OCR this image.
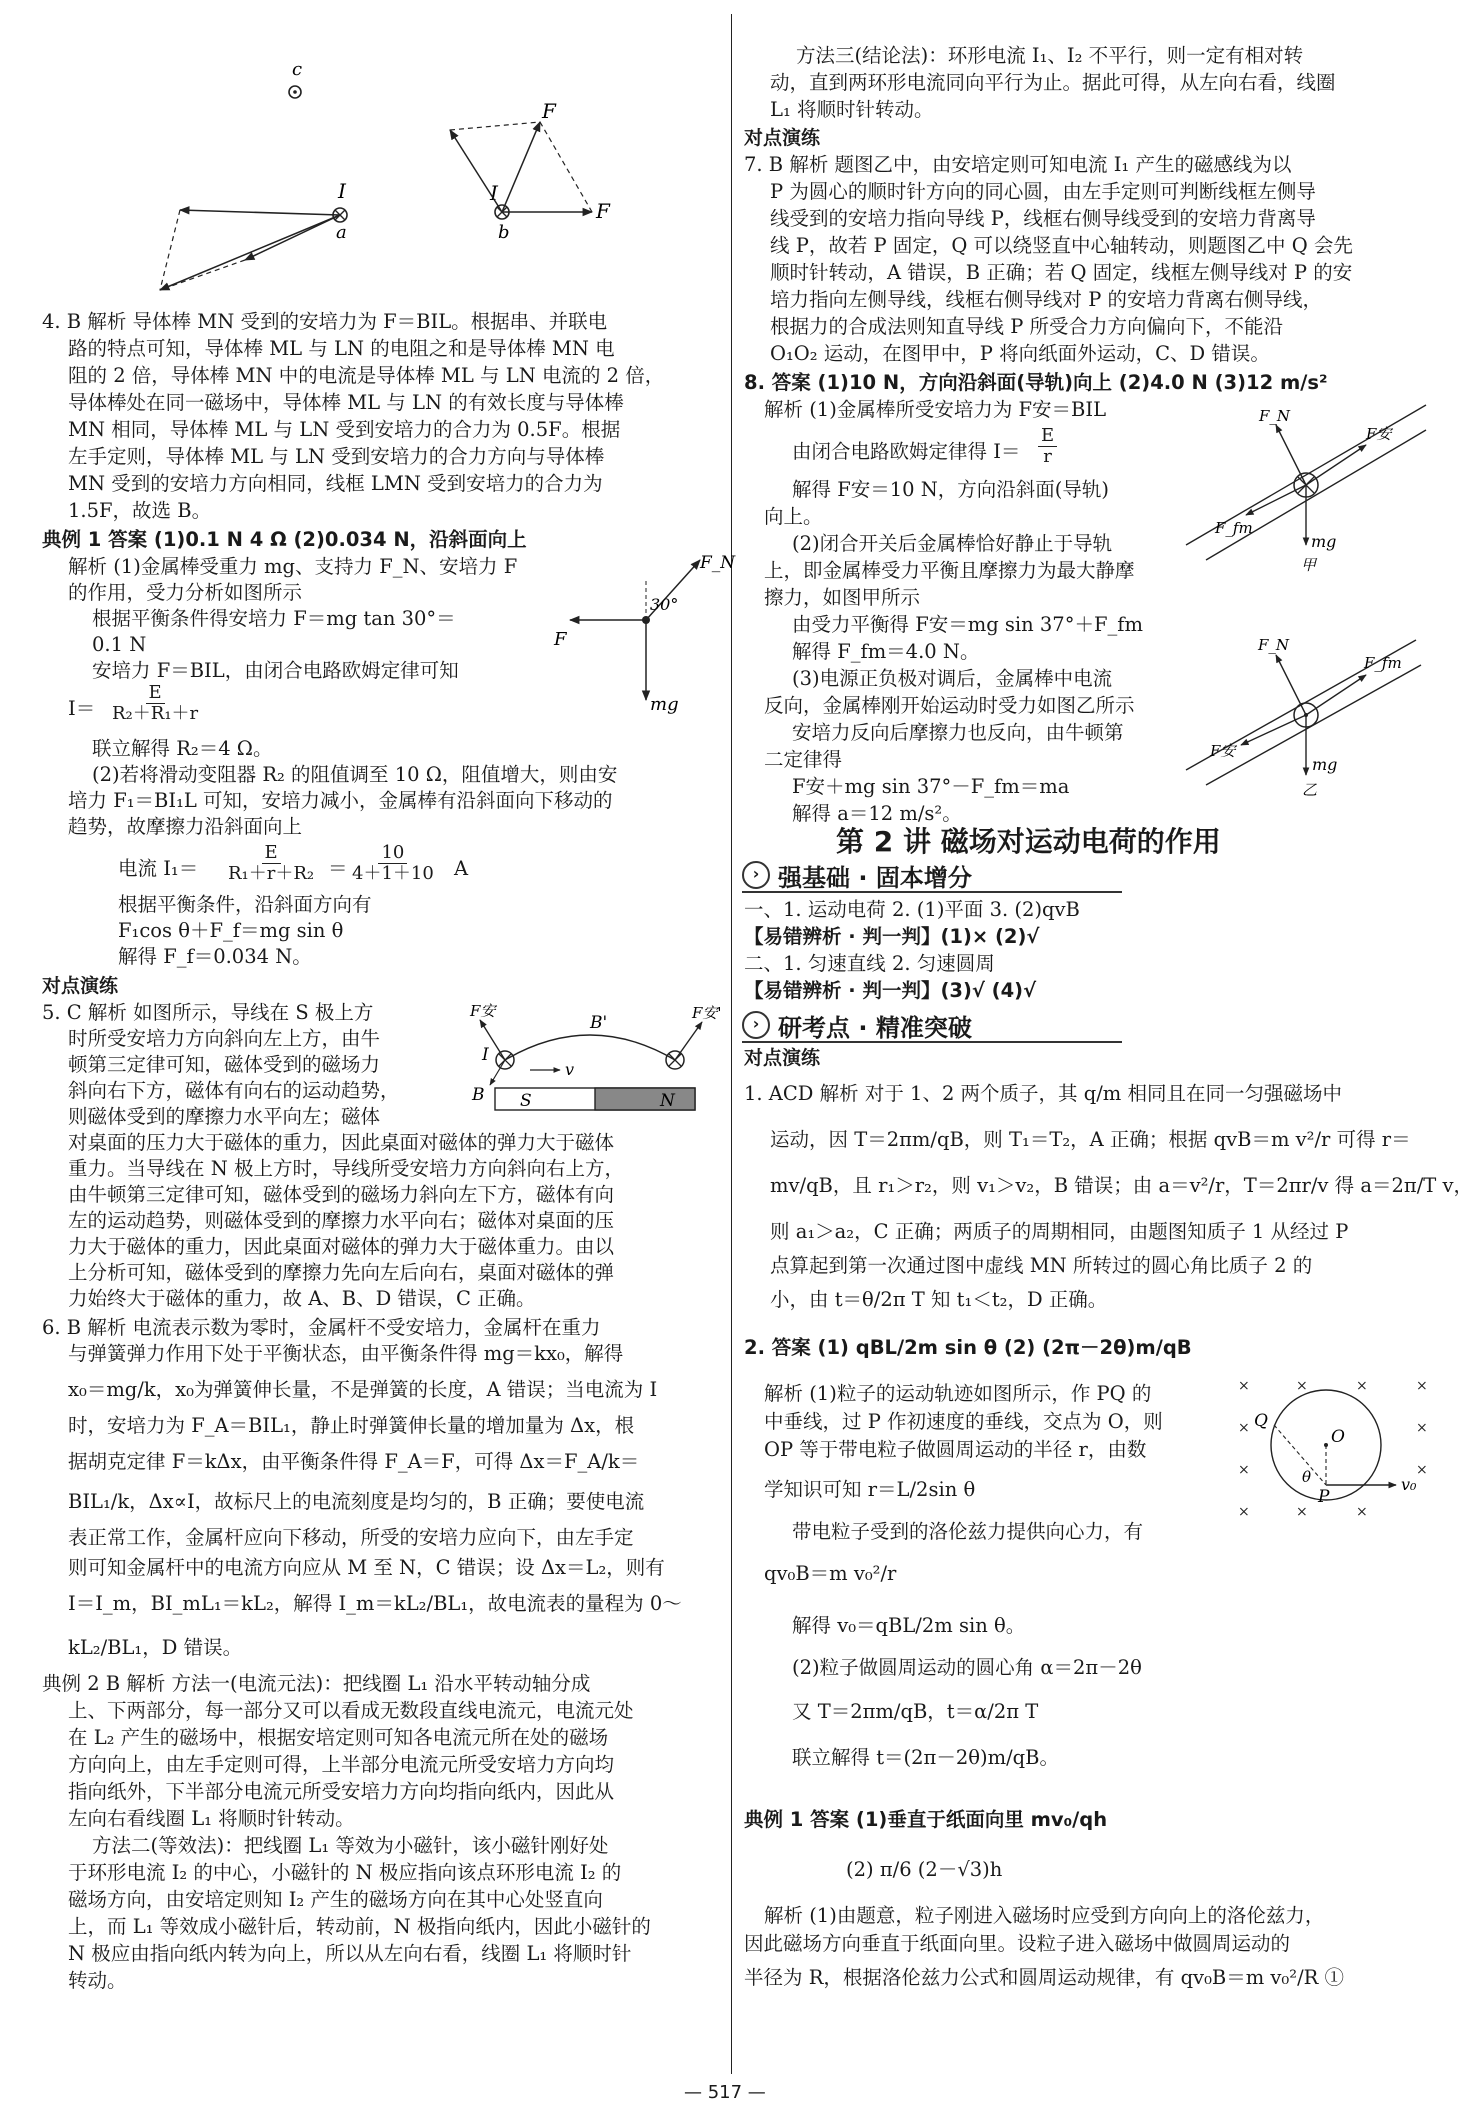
c
I
a
I
b
F
F
4. B 解析 导体棒 MN 受到的安培力为 F＝BIL。根据串、并联电
路的特点可知，导体棒 ML 与 LN 的电阻之和是导体棒 MN 电
阻的 2 倍，导体棒 MN 中的电流是导体棒 ML 与 LN 电流的 2 倍，
导体棒处在同一磁场中，导体棒 ML 与 LN 的有效长度与导体棒
MN 相同，导体棒 ML 与 LN 受到安培力的合力为 0.5F。根据
左手定则，导体棒 ML 与 LN 受到安培力的合力方向与导体棒
MN 受到的安培力方向相同，线框 LMN 受到安培力的合力为
1.5F，故选 B。
典例 1 答案 (1)0.1 N 4 Ω (2)0.034 N，沿斜面向上
解析 (1)金属棒受重力 mg、支持力 F_N、安培力 F
的作用，受力分析如图所示
根据平衡条件得安培力 F＝mg tan 30°＝
0.1 N
安培力 F＝BIL，由闭合电路欧姆定律可知
$I= \frac{E}{\text{R₂＋R₁＋r}}$
联立解得 R₂＝4 Ω。
(2)若将滑动变阻器 R₂ 的阻值调至 10 Ω，阻值增大，则由安
培力 F₁＝BI₁L 可知，安培力减小，金属棒有沿斜面向下移动的
趋势，故摩擦力沿斜面向上
电流 $I_1= \frac{E}{\text{R₁＋r＋R₂}} = \frac{10}{4+1+10}$ A
根据平衡条件，沿斜面方向有
F₁cos θ＋F_f＝mg sin θ
解得 F_f＝0.034 N。
F_N
30°
F
mg
对点演练
5. C 解析 如图所示，导线在 S 极上方
时所受安培力方向斜向左上方，由牛
顿第三定律可知，磁体受到的磁场力
斜向右下方，磁体有向右的运动趋势，
则磁体受到的摩擦力水平向左；磁体
对桌面的压力大于磁体的重力，因此桌面对磁体的弹力大于磁体
重力。当导线在 N 极上方时，导线所受安培力方向斜向右上方，
由牛顿第三定律可知，磁体受到的磁场力斜向左下方，磁体有向
左的运动趋势，则磁体受到的摩擦力水平向右；磁体对桌面的压
力大于磁体的重力，因此桌面对磁体的弹力大于磁体重力。由以
上分析可知，磁体受到的摩擦力先向左后向右，桌面对磁体的弹
力始终大于磁体的重力，故 A、B、D 错误，C 正确。
F安	F安'
B'
I
v
B S	N
6. B 解析 电流表示数为零时，金属杆不受安培力，金属杆在重力
与弹簧弹力作用下处于平衡状态，由平衡条件得 mg＝kx₀，解得
x₀＝mg/k，x₀为弹簧伸长量，不是弹簧的长度，A 错误；当电流为 I
时，安培力为 F_A＝BIL₁，静止时弹簧伸长量的增加量为 Δx，根
据胡克定律 F＝kΔx，由平衡条件得 F_A＝F，可得 Δx＝F_A/k＝
BIL₁/k，Δx∝I，故标尺上的电流刻度是均匀的，B 正确；要使电流
表正常工作，金属杆应向下移动，所受的安培力应向下，由左手定
则可知金属杆中的电流方向应从 M 至 N，C 错误；设 Δx＝L₂，则有
I＝I_m，BI_mL₁＝kL₂，解得 I_m＝kL₂/BL₁，故电流表的量程为 0～
kL₂/BL₁，D 错误。
典例 2 B 解析 方法一(电流元法)：把线圈 L₁ 沿水平转动轴分成
上、下两部分，每一部分又可以看成无数段直线电流元，电流元处
在 L₂ 产生的磁场中，根据安培定则可知各电流元所在处的磁场
方向向上，由左手定则可得，上半部分电流元所受安培力方向均
指向纸外，下半部分电流元所受安培力方向均指向纸内，因此从
左向右看线圈 L₁ 将顺时针转动。
方法二(等效法)：把线圈 L₁ 等效为小磁针，该小磁针刚好处
于环形电流 I₂ 的中心，小磁针的 N 极应指向该点环形电流 I₂ 的
磁场方向，由安培定则知 I₂ 产生的磁场方向在其中心处竖直向
上，而 L₁ 等效成小磁针后，转动前，N 极指向纸内，因此小磁针的
N 极应由指向纸内转为向上，所以从左向右看，线圈 L₁ 将顺时针
转动。
方法三(结论法)：环形电流 I₁、I₂ 不平行，则一定有相对转
动，直到两环形电流同向平行为止。据此可得，从左向右看，线圈
L₁ 将顺时针转动。
对点演练
7. B 解析 题图乙中，由安培定则可知电流 I₁ 产生的磁感线为以
P 为圆心的顺时针方向的同心圆，由左手定则可判断线框左侧导
线受到的安培力指向导线 P，线框右侧导线受到的安培力背离导
线 P，故若 P 固定，Q 可以绕竖直中心轴转动，则题图乙中 Q 会先
顺时针转动，A 错误，B 正确；若 Q 固定，线框左侧导线对 P 的安
培力指向左侧导线，线框右侧导线对 P 的安培力背离右侧导线，
根据力的合成法则知直导线 P 所受合力方向偏向下，不能沿
O₁O₂ 运动，在图甲中，P 将向纸面外运动，C、D 错误。
8. 答案 (1)10 N，方向沿斜面(导轨)向上 (2)4.0 N (3)12 m/s²
解析 (1)金属棒所受安培力为 F安＝BIL
由闭合电路欧姆定律得 $I= \frac{E}{r}$
解得 F安＝10 N，方向沿斜面(导轨)
向上。
(2)闭合开关后金属棒恰好静止于导轨
上，即金属棒受力平衡且摩擦力为最大静摩
擦力，如图甲所示
由受力平衡得 F安＝mg sin 37°＋F_fm
解得 F_fm＝4.0 N。
(3)电源正负极对调后，金属棒中电流
反向，金属棒刚开始运动时受力如图乙所示
安培力反向后摩擦力也反向，由牛顿第
二定律得
F安＋mg sin 37°－F_fm＝ma
解得 a＝12 m/s²。
F_N
F安
F_fm
mg
甲
F_N
F_fm
F安
mg
乙
第 2 讲 磁场对运动电荷的作用
› 强基础 · 固本增分
一、1. 运动电荷 2. (1)平面 3. (2)qvB
【易错辨析 · 判一判】(1)× (2)√
二、1. 匀速直线 2. 匀速圆周
【易错辨析 · 判一判】(3)√ (4)√
› 研考点 · 精准突破
对点演练
1. ACD 解析 对于 1、2 两个质子，其 q/m 相同且在同一匀强磁场中
运动，因 T＝2πm/qB，则 T₁＝T₂，A 正确；根据 qvB＝m v²/r 可得 r＝
mv/qB，且 r₁＞r₂，则 v₁＞v₂，B 错误；由 a＝v²/r，T＝2πr/v 得 a＝2π/T v，
则 a₁＞a₂，C 正确；两质子的周期相同，由题图知质子 1 从经过 P
点算起到第一次通过图中虚线 MN 所转过的圆心角比质子 2 的
小，由 t＝θ/2π T 知 t₁＜t₂，D 正确。
2. 答案 (1) qBL/2m sin θ (2) (2π－2θ)m/qB
解析 (1)粒子的运动轨迹如图所示，作 PQ 的
中垂线，过 P 作初速度的垂线，交点为 O，则
OP 等于带电粒子做圆周运动的半径 r，由数
学知识可知 r＝L/2sin θ
带电粒子受到的洛伦兹力提供向心力，有
qv₀B＝m v₀²/r
解得 v₀＝qBL/2m sin θ。
(2)粒子做圆周运动的圆心角 α＝2π－2θ
又 T＝2πm/qB，t＝α/2π T
联立解得 t＝(2π－2θ)m/qB。
×	×	×	×
×	×
×	×
×	×	×
Q
O
θ
P
v₀
典例 1 答案 (1)垂直于纸面向里 mv₀/qh
(2) π/6 (2－√3)h
解析 (1)由题意，粒子刚进入磁场时应受到方向向上的洛伦兹力，
因此磁场方向垂直于纸面向里。设粒子进入磁场中做圆周运动的
半径为 R，根据洛伦兹力公式和圆周运动规律，有 qv₀B＝m v₀²/R ①
— 517 —
